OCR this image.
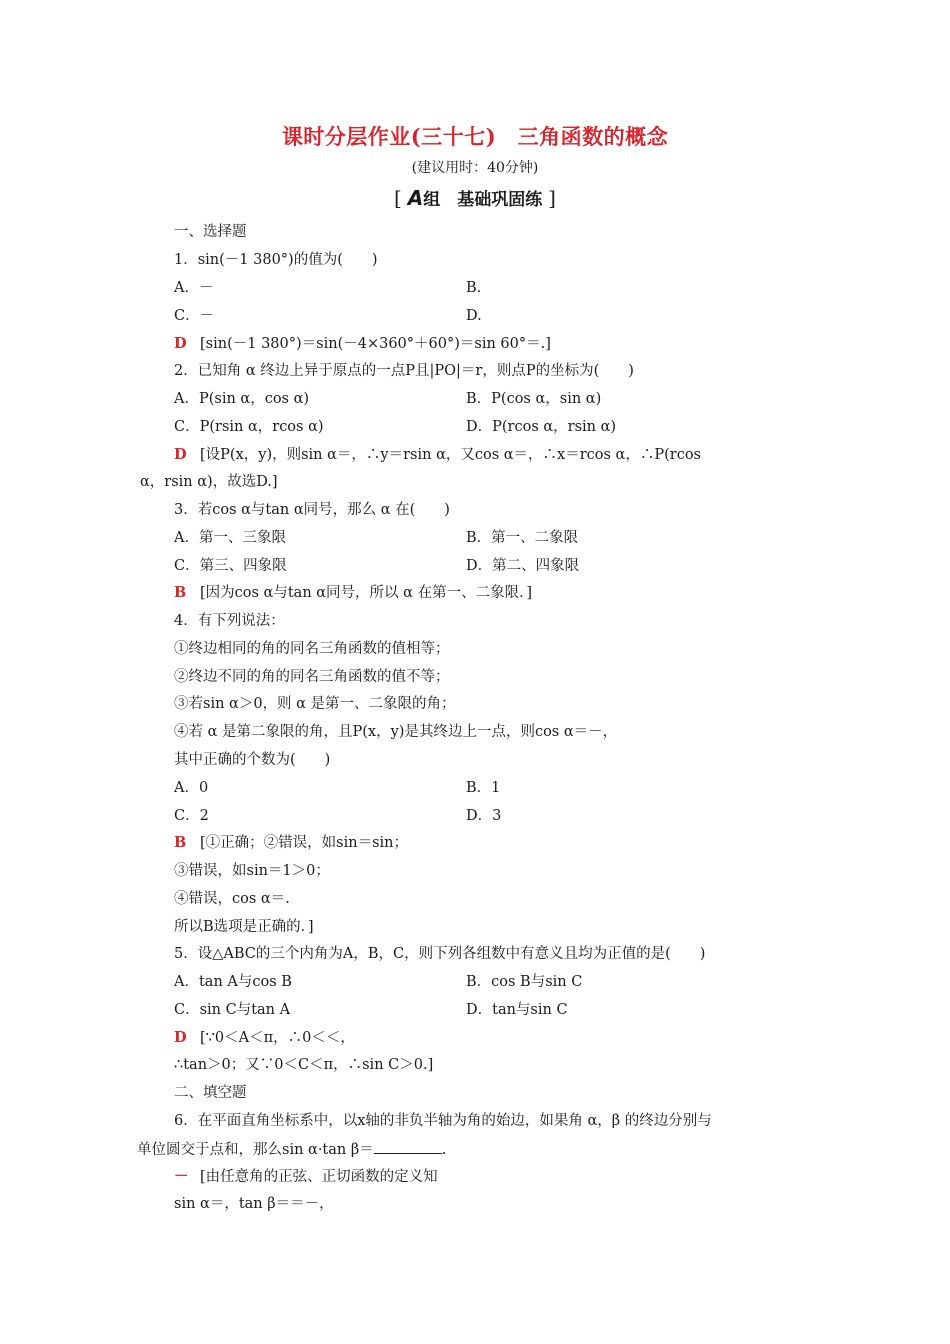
课时分层作业(三十七)　三角函数的概念
(建议用时：40分钟)
[ A组　基础巩固练 ]
一、选择题
1．sin(－1 380°)的值为(　　)
A．－	B.
C．－	D.
D [sin(－1 380°)＝sin(－4×360°＋60°)＝sin 60°＝.]
2．已知角 α 终边上异于原点的一点P且|PO|＝r，则点P的坐标为(　　)
A．P(sin α，cos α)	B．P(cos α，sin α)
C．P(rsin α，rcos α)	D．P(rcos α，rsin α)
D [设P(x，y)，则sin α＝，∴y＝rsin α，又cos α＝，∴x＝rcos α，∴P(rcos
α，rsin α)，故选D.]
3．若cos α与tan α同号，那么 α 在(　　)
A．第一、三象限	B．第一、二象限
C．第三、四象限	D．第二、四象限
B [因为cos α与tan α同号，所以 α 在第一、二象限．]
4．有下列说法：
①终边相同的角的同名三角函数的值相等；
②终边不同的角的同名三角函数的值不等；
③若sin α＞0，则 α 是第一、二象限的角；
④若 α 是第二象限的角，且P(x，y)是其终边上一点，则cos α＝－，
其中正确的个数为(　　)
A．0	B．1
C．2	D．3
B [①正确；②错误，如sin＝sin；
③错误，如sin＝1＞0；
④错误，cos α＝.
所以B选项是正确的．]
5．设△ABC的三个内角为A，B，C，则下列各组数中有意义且均为正值的是(　　)
A．tan A与cos B	B．cos B与sin C
C．sin C与tan A	D．tan与sin C
D [∵0＜A＜π，∴0＜＜，
∴tan＞0；又∵0＜C＜π，∴sin C＞0.]
二、填空题
6．在平面直角坐标系中，以x轴的非负半轴为角的始边，如果角 α，β 的终边分别与
单位圆交于点和，那么sin α·tan β＝	.
－ [由任意角的正弦、正切函数的定义知
sin α＝，tan β＝＝－，
